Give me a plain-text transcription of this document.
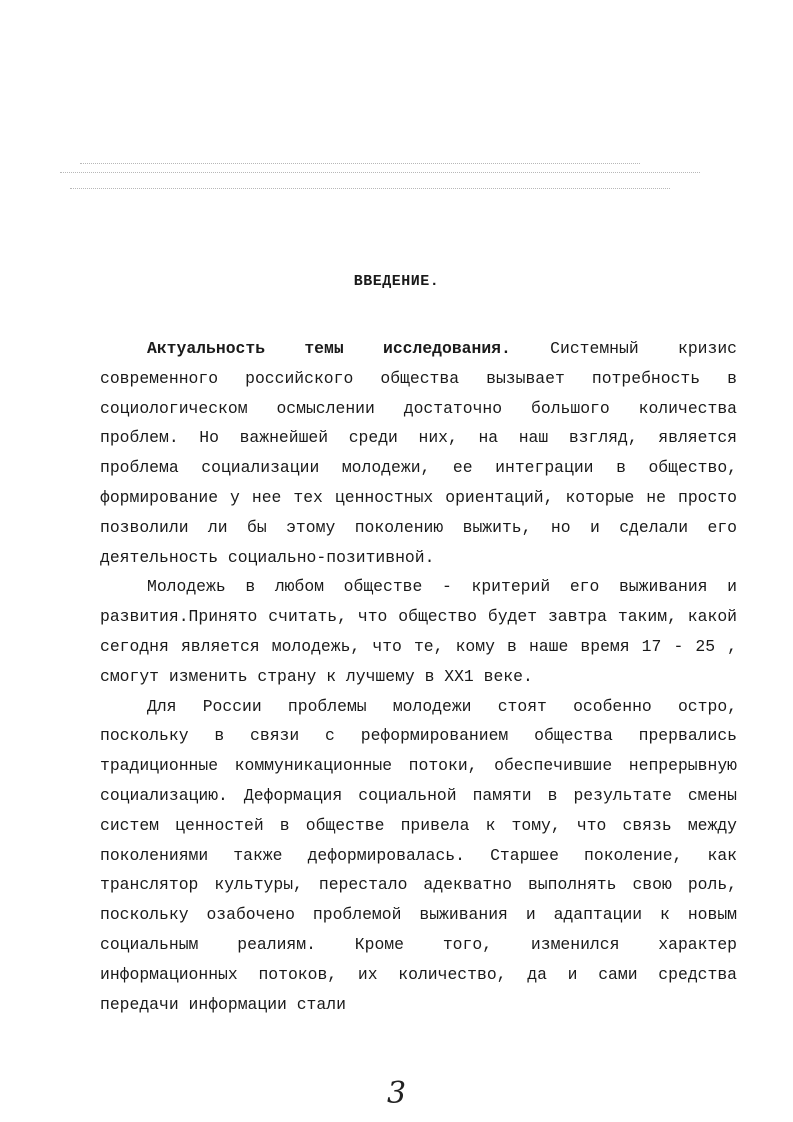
ВВЕДЕНИЕ.

Актуальность темы исследования. Системный кризис современного российского общества вызывает потребность в социологическом осмыслении достаточно большого количества проблем. Но важнейшей среди них, на наш взгляд, является проблема социализации молодежи, ее интеграции в общество, формирование у нее тех ценностных ориентаций, которые не просто позволили ли бы этому поколению выжить, но и сделали его деятельность социально-позитивной.

Молодежь в любом обществе - критерий его выживания и развития.Принято считать, что общество будет завтра таким, какой сегодня является молодежь, что те, кому в наше время 17 - 25 , смогут изменить страну к лучшему в ХХ1 веке.

Для России проблемы молодежи стоят особенно остро, поскольку в связи с реформированием общества прервались традиционные коммуникационные потоки, обеспечившие непрерывную социализацию. Деформация социальной памяти в результате смены систем ценностей в обществе привела к тому, что связь между поколениями также деформировалась. Старшее поколение, как транслятор культуры, перестало адекватно выполнять свою роль, поскольку озабочено проблемой выживания и адаптации к новым социальным реалиям. Кроме того, изменился характер информационных потоков, их количество, да и сами средства передачи информации стали

3
